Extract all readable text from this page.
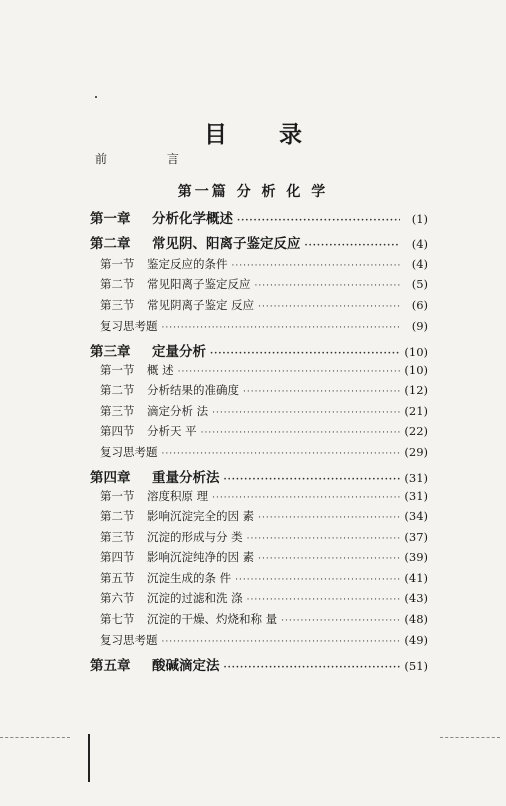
目 录
前 言
第一篇 分 析 化 学
第一章	分析化学概述 ·····	(1)
第二章	常见阴、阳离子鉴定反应 ·····	(4)
第一节	鉴定反应的条件 ·····	(4)
第二节	常见阳离子鉴定反应 ·····	(5)
第三节	常见阴离子鉴定 反应 ·····	(6)
复习思考题 ·····	(9)
第三章	定量分析 ·····	(10)
第一节	概 述 ·····	(10)
第二节	分析结果的准确度 ·····	(12)
第三节	滴定分析 法 ·····	(21)
第四节	分析天 平 ·····	(22)
复习思考题 ·····	(29)
第四章	重量分析法 ·····	(31)
第一节	溶度积原 理 ·····	(31)
第二节	影响沉淀完全的因 素 ·····	(34)
第三节	沉淀的形成与分 类 ·····	(37)
第四节	影响沉淀纯净的因 素 ·····	(39)
第五节	沉淀生成的条 件 ·····	(41)
第六节	沉淀的过滤和洗 涤 ·····	(43)
第七节	沉淀的干燥、灼烧和称 量 ·····	(48)
复习思考题 ·····	(49)
第五章	酸碱滴定法 ·····	(51)
